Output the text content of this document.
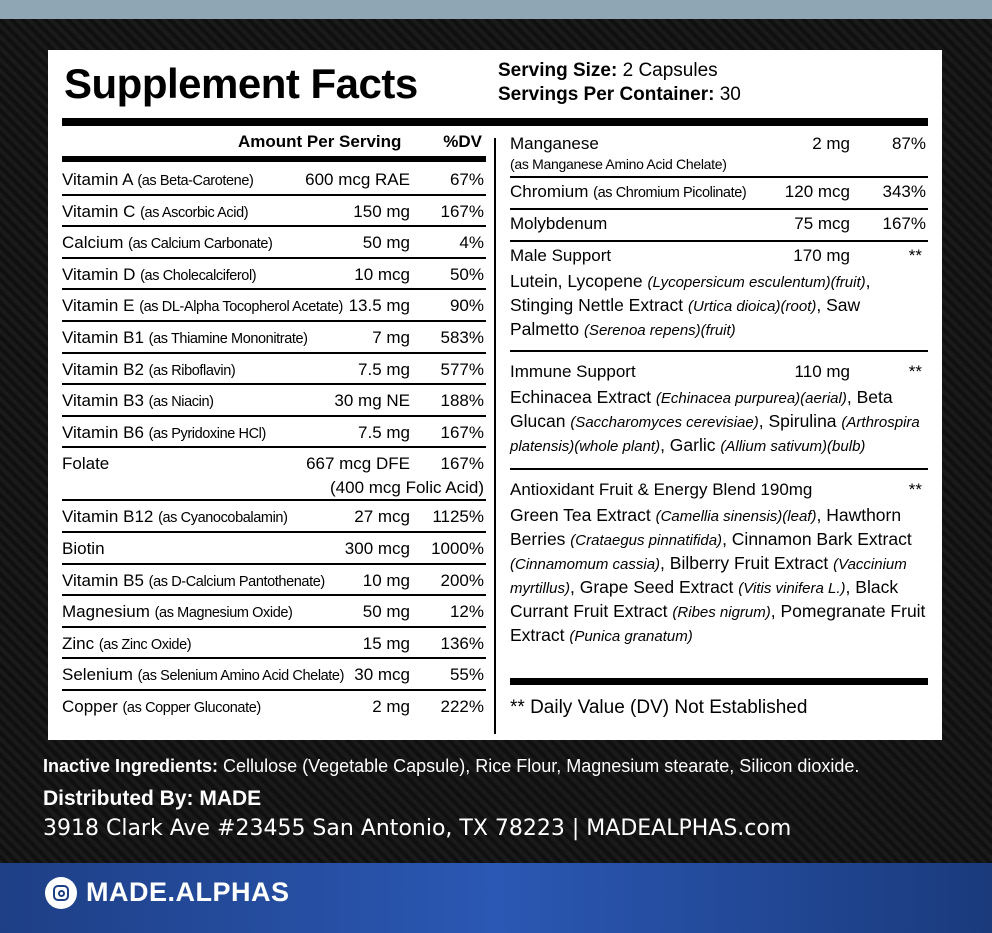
Supplement Facts	Serving Size: 2 Capsules
Servings Per Container: 30
Amount Per Serving %DV
Vitamin A (as Beta-Carotene)	600 mcg RAE 67%
Vitamin C (as Ascorbic Acid)	150 mg 167%
Calcium (as Calcium Carbonate)	50 mg	4%
Vitamin D (as Cholecalciferol)	10 mcg 50%
Vitamin E (as DL-Alpha Tocopherol Acetate) 13.5 mg 90%
Vitamin B1 (as Thiamine Mononitrate)	7 mg 583%
Vitamin B2 (as Riboflavin)	7.5 mg 577%
Vitamin B3 (as Niacin)	30 mg NE 188%
Vitamin B6 (as Pyridoxine HCl)	7.5 mg 167%
Folate	667 mcg DFE 167%
(400 mcg Folic Acid)
Vitamin B12 (as Cyanocobalamin)	27 mcg 1125%
Biotin	300 mcg 1000%
Vitamin B5 (as D-Calcium Pantothenate) 10 mg 200%
Magnesium (as Magnesium Oxide)	50 mg 12%
Zinc (as Zinc Oxide)	15 mg 136%
Selenium (as Selenium Amino Acid Chelate) 30 mcg 55%
Copper (as Copper Gluconate)	2 mg 222%
Manganese	2 mg 87%
(as Manganese Amino Acid Chelate)
Chromium (as Chromium Picolinate) 120 mcg 343%
Molybdenum	75 mcg 167%
Male Support	170 mg	**
Lutein, Lycopene (Lycopersicum esculentum)(fruit), Stinging Nettle Extract (Urtica dioica)(root), Saw Palmetto (Serenoa repens)(fruit)
Immune Support	110 mg	**
Echinacea Extract (Echinacea purpurea)(aerial), Beta Glucan (Saccharomyces cerevisiae), Spirulina (Arthrospira platensis)(whole plant), Garlic (Allium sativum)(bulb)
Antioxidant Fruit & Energy Blend 190mg	**
Green Tea Extract (Camellia sinensis)(leaf), Hawthorn Berries (Crataegus pinnatifida), Cinnamon Bark Extract (Cinnamomum cassia), Bilberry Fruit Extract (Vaccinium myrtillus), Grape Seed Extract (Vitis vinifera L.), Black Currant Fruit Extract (Ribes nigrum), Pomegranate Fruit Extract (Punica granatum)
** Daily Value (DV) Not Established
Inactive Ingredients: Cellulose (Vegetable Capsule), Rice Flour, Magnesium stearate, Silicon dioxide.
Distributed By: MADE
3918 Clark Ave #23455 San Antonio, TX 78223 | MADEALPHAS.com
MADE.ALPHAS
